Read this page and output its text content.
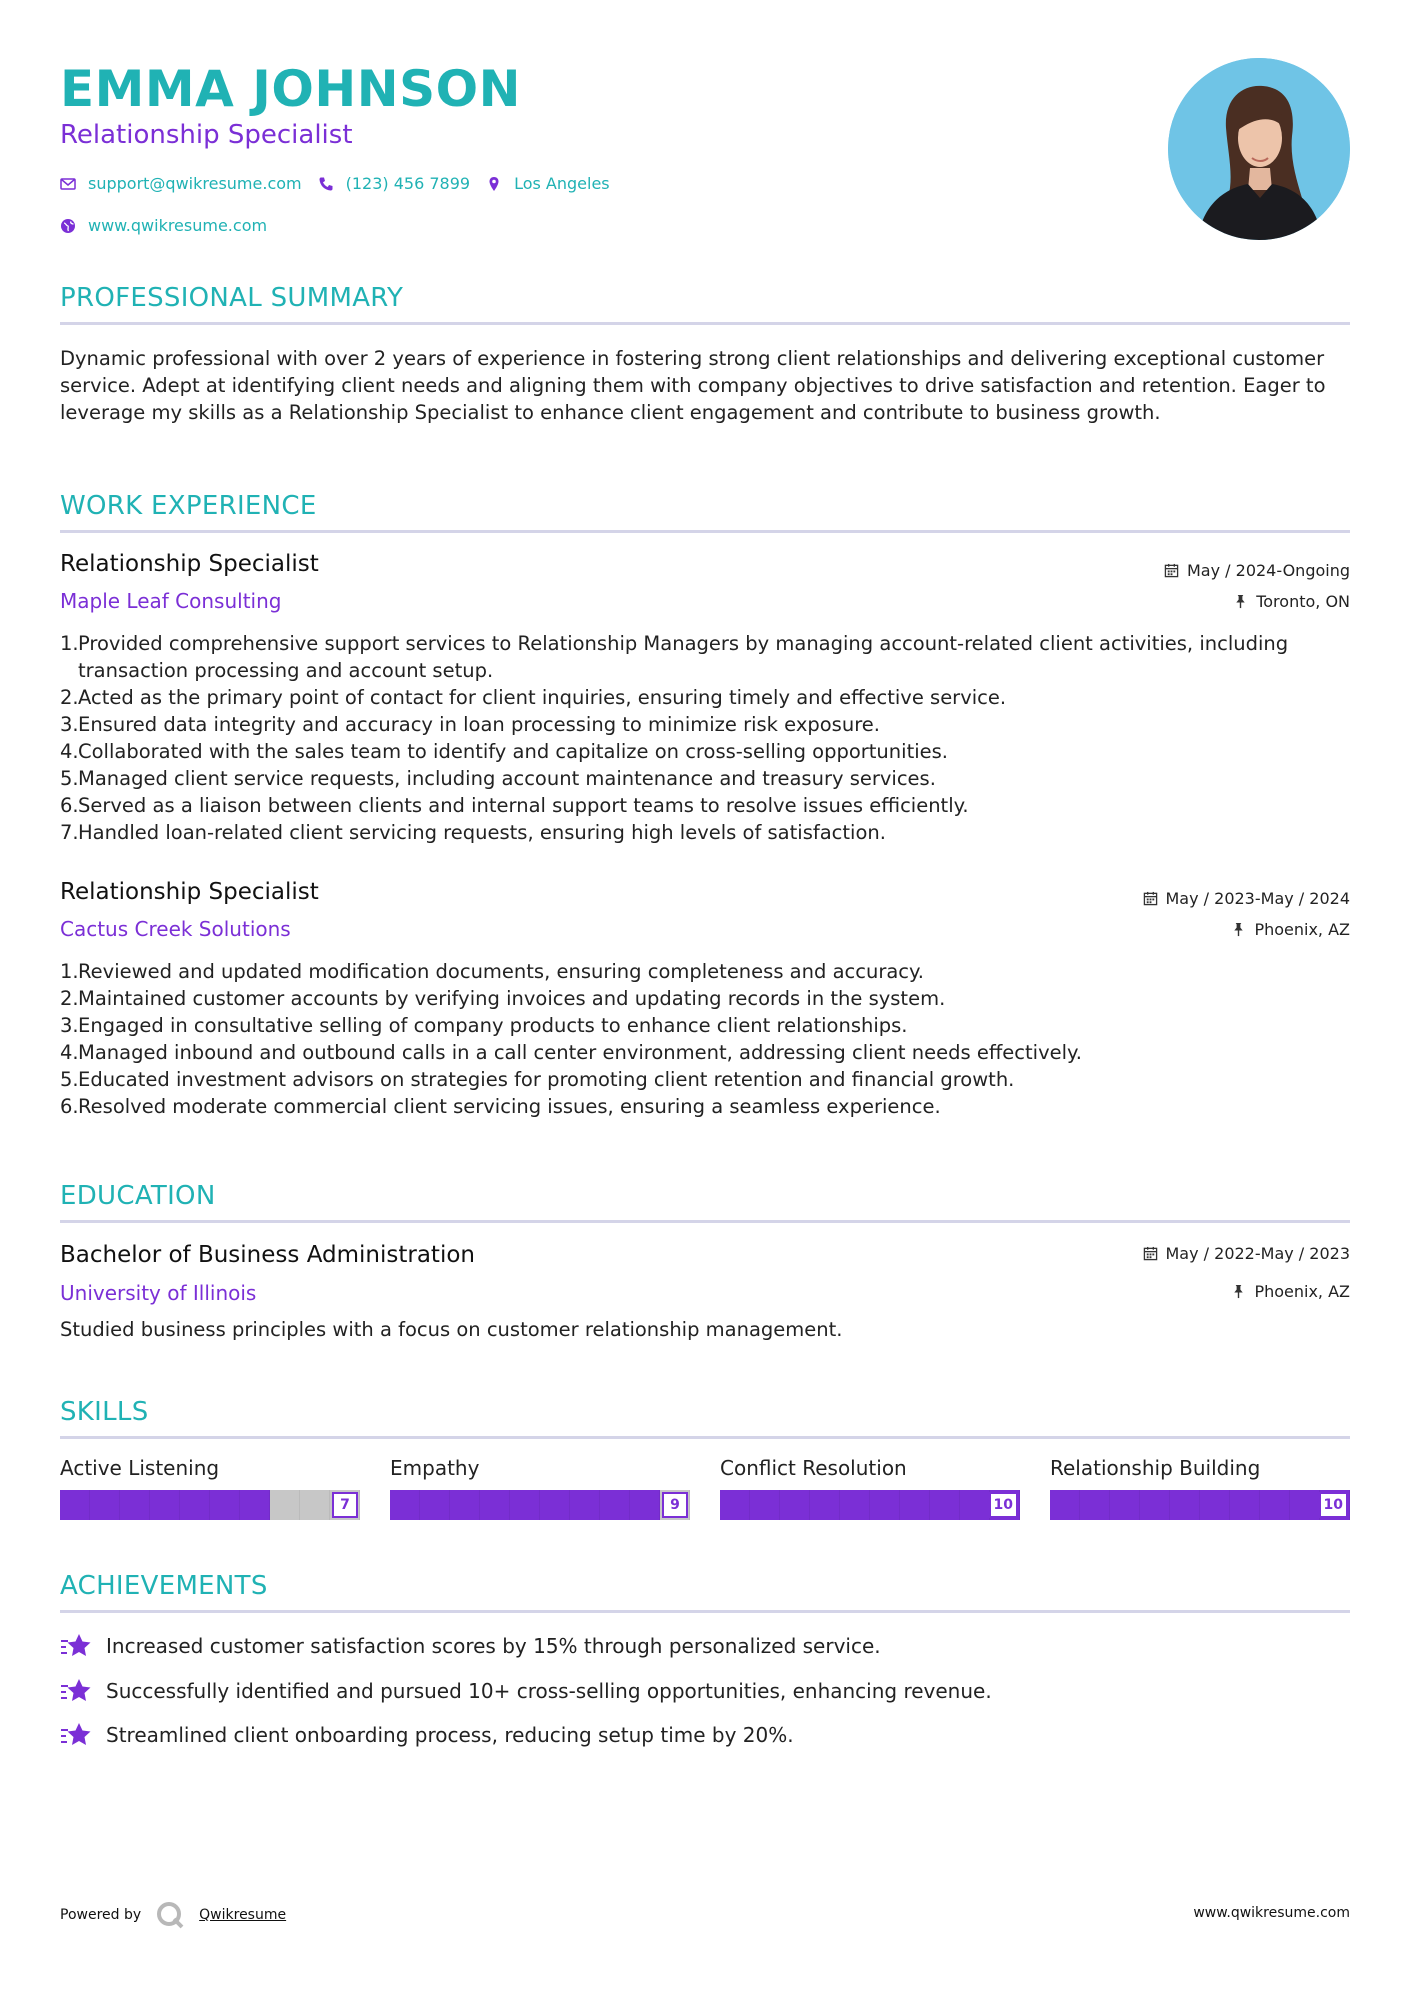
EMMA JOHNSON
Relationship Specialist
support@qwikresume.com	(123) 456 7899	Los Angeles
www.qwikresume.com
PROFESSIONAL SUMMARY

Dynamic professional with over 2 years of experience in fostering strong client relationships and delivering exceptional customer service. Adept at identifying client needs and aligning them with company objectives to drive satisfaction and retention. Eager to leverage my skills as a Relationship Specialist to enhance client engagement and contribute to business growth.

WORK EXPERIENCE
Relationship Specialist	May / 2024-Ongoing
Maple Leaf Consulting	Toronto, ON
1. Provided comprehensive support services to Relationship Managers by managing account-related client activities, including transaction processing and account setup.
2. Acted as the primary point of contact for client inquiries, ensuring timely and effective service.
3. Ensured data integrity and accuracy in loan processing to minimize risk exposure.
4. Collaborated with the sales team to identify and capitalize on cross-selling opportunities.
5. Managed client service requests, including account maintenance and treasury services.
6. Served as a liaison between clients and internal support teams to resolve issues efficiently.
7. Handled loan-related client servicing requests, ensuring high levels of satisfaction.
Relationship Specialist	May / 2023-May / 2024
Cactus Creek Solutions	Phoenix, AZ
1. Reviewed and updated modification documents, ensuring completeness and accuracy.
2. Maintained customer accounts by verifying invoices and updating records in the system.
3. Engaged in consultative selling of company products to enhance client relationships.
4. Managed inbound and outbound calls in a call center environment, addressing client needs effectively.
5. Educated investment advisors on strategies for promoting client retention and financial growth.
6. Resolved moderate commercial client servicing issues, ensuring a seamless experience.
EDUCATION
Bachelor of Business Administration	May / 2022-May / 2023
University of Illinois	Phoenix, AZ

Studied business principles with a focus on customer relationship management.

SKILLS
Active Listening
7
Empathy
9
Conflict Resolution
10
Relationship Building
10
ACHIEVEMENTS
Increased customer satisfaction scores by 15% through personalized service.
Successfully identified and pursued 10+ cross-selling opportunities, enhancing revenue.
Streamlined client onboarding process, reducing setup time by 20%.
Powered by	Qwikresume	www.qwikresume.com
